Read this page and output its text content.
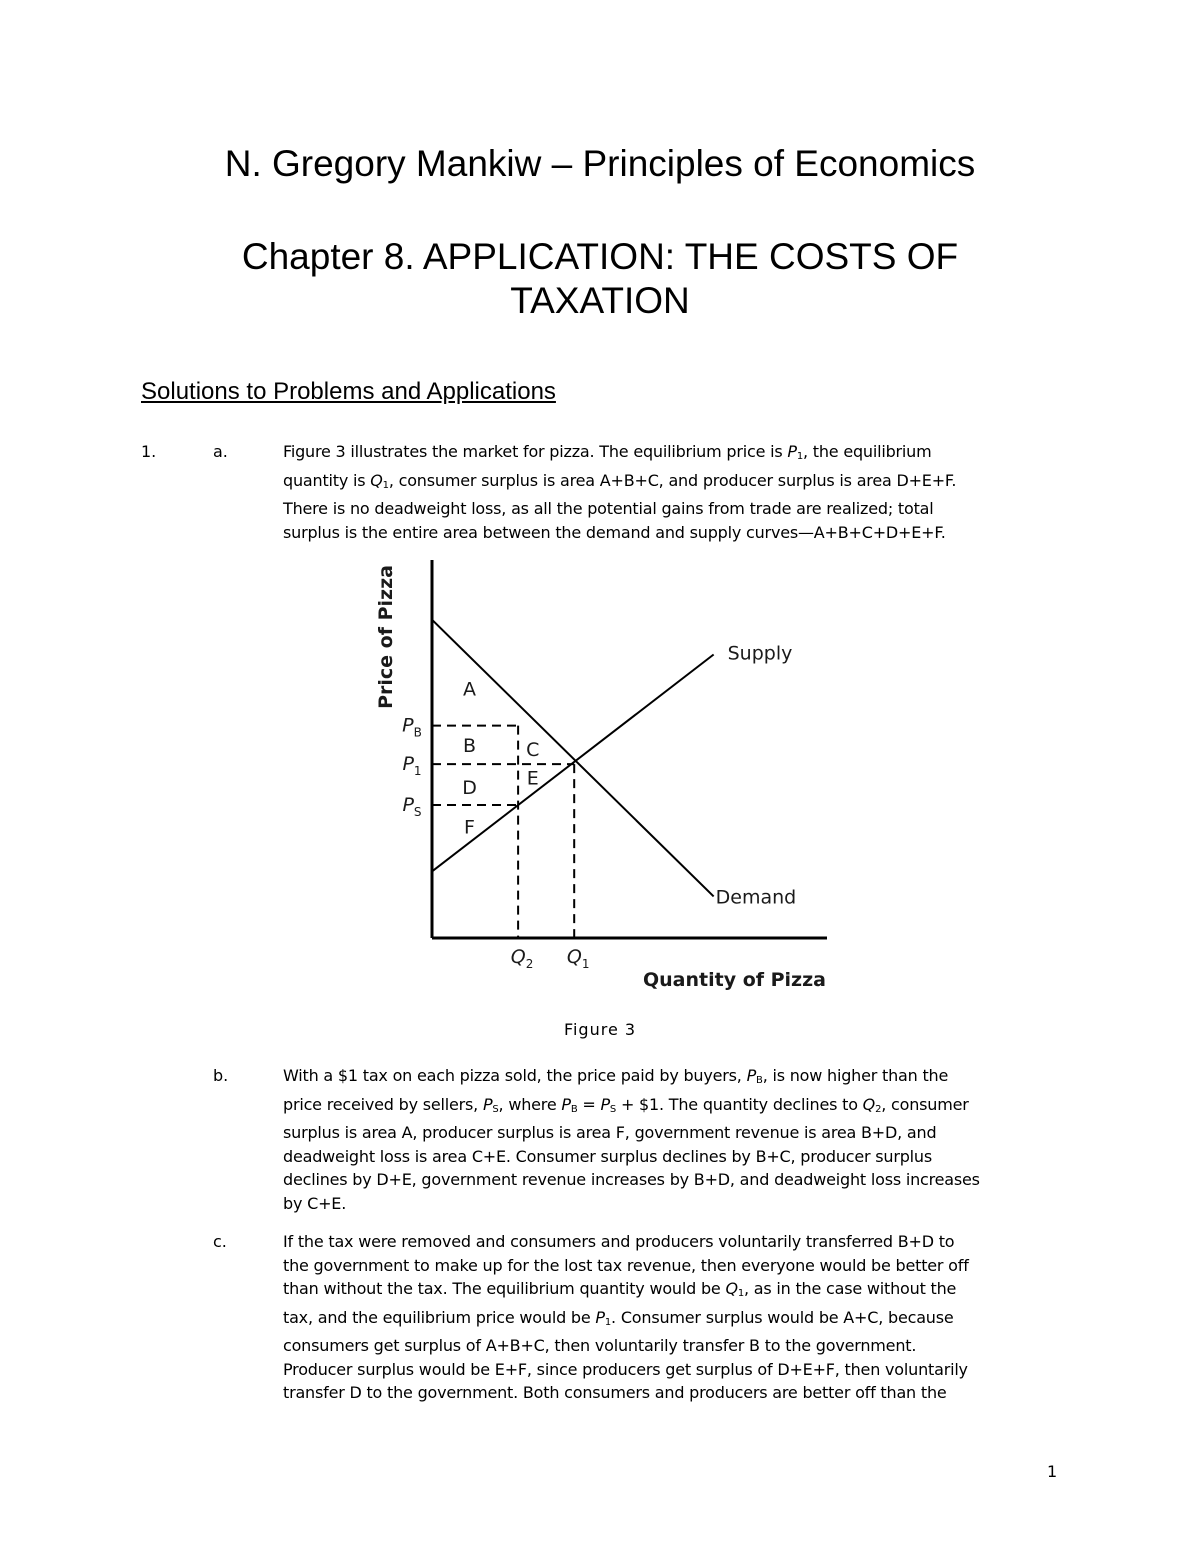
N. Gregory Mankiw – Principles of Economics
Chapter 8. APPLICATION: THE COSTS OF
TAXATION
Solutions to Problems and Applications
1.	a.	Figure 3 illustrates the market for pizza. The equilibrium price is $P_1$, the equilibrium
quantity is $Q_1$, consumer surplus is area A+B+C, and producer surplus is area D+E+F.
There is no deadweight loss, as all the potential gains from trade are realized; total
surplus is the entire area between the demand and supply curves—A+B+C+D+E+F.
Supply
Demand
$P_B$
$P_1$
$P_S$
$Q_2$ $Q_1$
A
B	C
D	E
F
Quantity of Pizza
Price of Pizza
Figure 3
b.	With a $1 tax on each pizza sold, the price paid by buyers, $P_B$, is now higher than the
price received by sellers, $P_S$, where $P_B = P_S$ + $1. The quantity declines to $Q_2$, consumer
surplus is area A, producer surplus is area F, government revenue is area B+D, and
deadweight loss is area C+E. Consumer surplus declines by B+C, producer surplus
declines by D+E, government revenue increases by B+D, and deadweight loss increases
by C+E.
c.	If the tax were removed and consumers and producers voluntarily transferred B+D to
the government to make up for the lost tax revenue, then everyone would be better off
than without the tax. The equilibrium quantity would be $Q_1$, as in the case without the
tax, and the equilibrium price would be $P_1$. Consumer surplus would be A+C, because
consumers get surplus of A+B+C, then voluntarily transfer B to the government.
Producer surplus would be E+F, since producers get surplus of D+E+F, then voluntarily
transfer D to the government. Both consumers and producers are better off than the
1
